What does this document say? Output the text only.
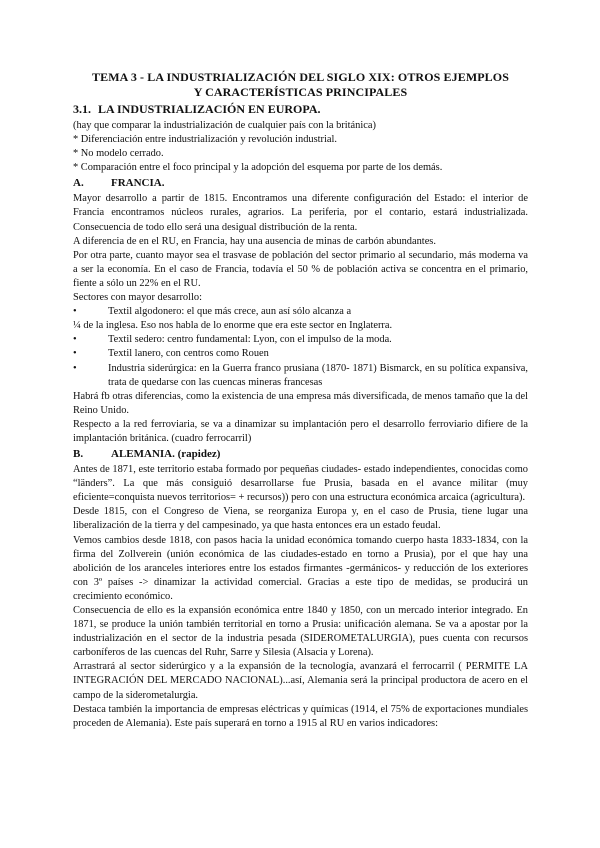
TEMA 3 - LA INDUSTRIALIZACIÓN DEL SIGLO XIX: OTROS EJEMPLOS
Y CARACTERÍSTICAS PRINCIPALES
3.1. LA INDUSTRIALIZACIÓN EN EUROPA.

(hay que comparar la industrialización de cualquier país con la británica)

* Diferenciación entre industrialización y revolución industrial.

* No modelo cerrado.

* Comparación entre el foco principal y la adopción del esquema por parte de los demás.

A. FRANCIA.

Mayor desarrollo a partir de 1815. Encontramos una diferente configuración del Estado: el interior de Francia encontramos núcleos rurales, agrarios. La periferia, por el contario, estará industrializada. Consecuencia de todo ello será una desigual distribución de la renta.

A diferencia de en el RU, en Francia, hay una ausencia de minas de carbón abundantes.

Por otra parte, cuanto mayor sea el trasvase de población del sector primario al secundario, más moderna va a ser la economía. En el caso de Francia, todavía el 50 % de población activa se concentra en el primario, fiente a sólo un 22% en el RU.

Sectores con mayor desarrollo:

•	Textil algodonero: el que más crece, aun así sólo alcanza a

¼ de la inglesa. Eso nos habla de lo enorme que era este sector en Inglaterra.

•	Textil sedero: centro fundamental: Lyon, con el impulso de la moda.
•	Textil lanero, con centros como Rouen
•	Industria siderúrgica: en la Guerra franco prusiana (1870- 1871) Bismarck, en su política expansiva, trata de quedarse con las cuencas mineras francesas

Habrá fb otras diferencias, como la existencia de una empresa más diversificada, de menos tamaño que la del Reino Unido.

Respecto a la red ferroviaria, se va a dinamizar su implantación pero el desarrollo ferroviario difiere de la implantación británica. (cuadro ferrocarril)

B.	ALEMANIA. (rapidez)

Antes de 1871, este territorio estaba formado por pequeñas ciudades- estado independientes, conocidas como “länders”. La que más consiguió desarrollarse fue Prusia, basada en el avance militar (muy eficiente=conquista nuevos territorios= + recursos)) pero con una estructura económica arcaica (agricultura).

Desde 1815, con el Congreso de Viena, se reorganiza Europa y, en el caso de Prusia, tiene lugar una liberalización de la tierra y del campesinado, ya que hasta entonces era un estado feudal.

Vemos cambios desde 1818, con pasos hacia la unidad económica tomando cuerpo hasta 1833-1834, con la firma del Zollverein (unión económica de las ciudades-estado en torno a Prusia), por el que hay una abolición de los aranceles interiores entre los estados firmantes -germánicos- y reducción de los exteriores con 3º países -> dinamizar la actividad comercial. Gracias a este tipo de medidas, se producirá un crecimiento económico.

Consecuencia de ello es la expansión económica entre 1840 y 1850, con un mercado interior integrado. En 1871, se produce la unión también territorial en torno a Prusia: unificación alemana. Se va a apostar por la industrialización en el sector de la industria pesada (SIDEROMETALURGIA), pues cuenta con recursos carboníferos de las cuencas del Ruhr, Sarre y Silesia (Alsacia y Lorena).

Arrastrará al sector siderúrgico y a la expansión de la tecnología, avanzará el ferrocarril ( PERMITE LA INTEGRACIÓN DEL MERCADO NACIONAL)...así, Alemania será la principal productora de acero en el campo de la siderometalurgia.

Destaca también la importancia de empresas eléctricas y químicas (1914, el 75% de exportaciones mundiales proceden de Alemania). Este país superará en torno a 1915 al RU en varios indicadores:
